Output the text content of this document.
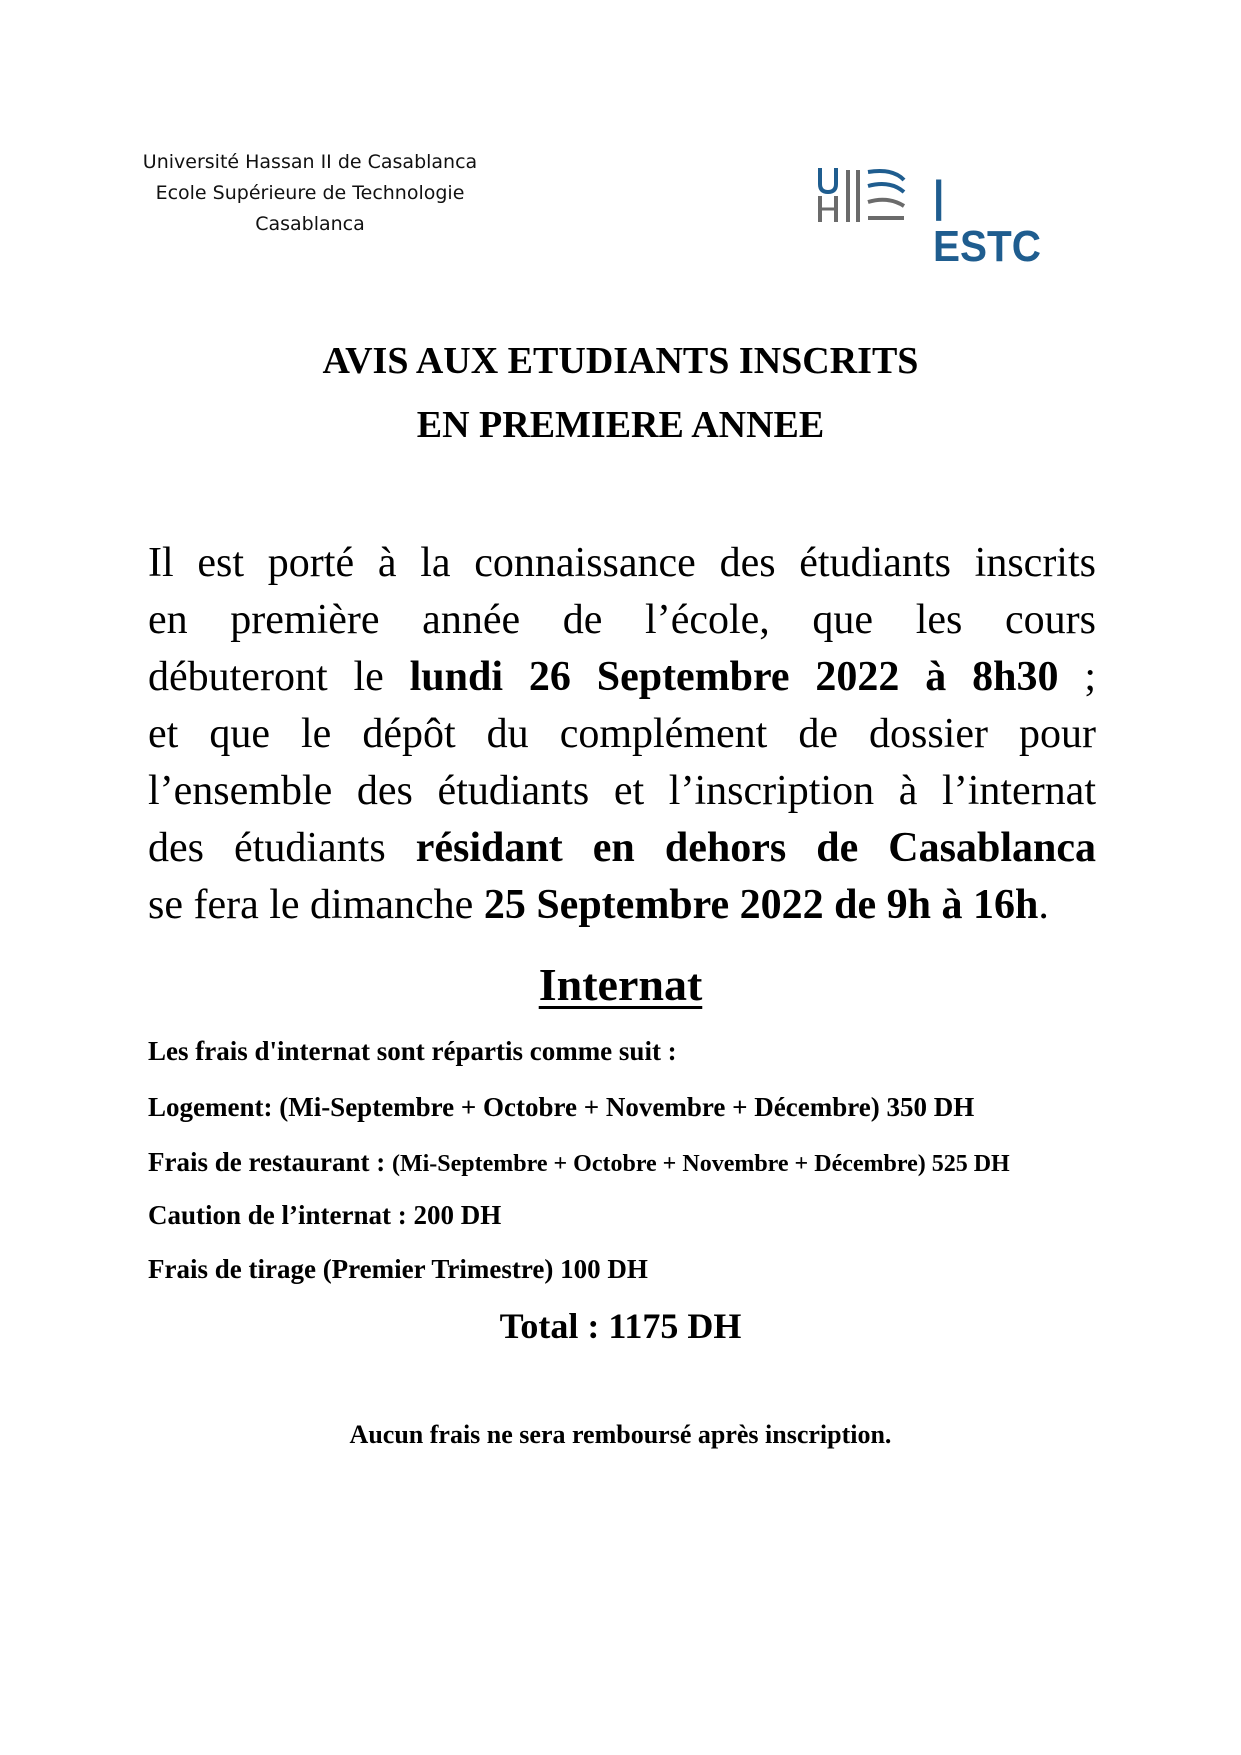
Université Hassan II de Casablanca
Ecole Supérieure de Technologie
Casablanca
| ESTC
AVIS AUX ETUDIANTS INSCRITS
EN PREMIERE ANNEE
Il est porté à la connaissance des étudiants inscrits
en première année de l’école, que les cours
débuteront le lundi 26 Septembre 2022 à 8h30 ;
et que le dépôt du complément de dossier pour
l’ensemble des étudiants et l’inscription à l’internat
des étudiants résidant en dehors de Casablanca
se fera le dimanche 25 Septembre 2022 de 9h à 16h.
Internat
Les frais d'internat sont répartis comme suit :
Logement: (Mi-Septembre + Octobre + Novembre + Décembre) 350 DH
Frais de restaurant : (Mi-Septembre + Octobre + Novembre + Décembre) 525 DH
Caution de l’internat : 200 DH
Frais de tirage (Premier Trimestre) 100 DH
Total : 1175 DH
Aucun frais ne sera remboursé après inscription.
